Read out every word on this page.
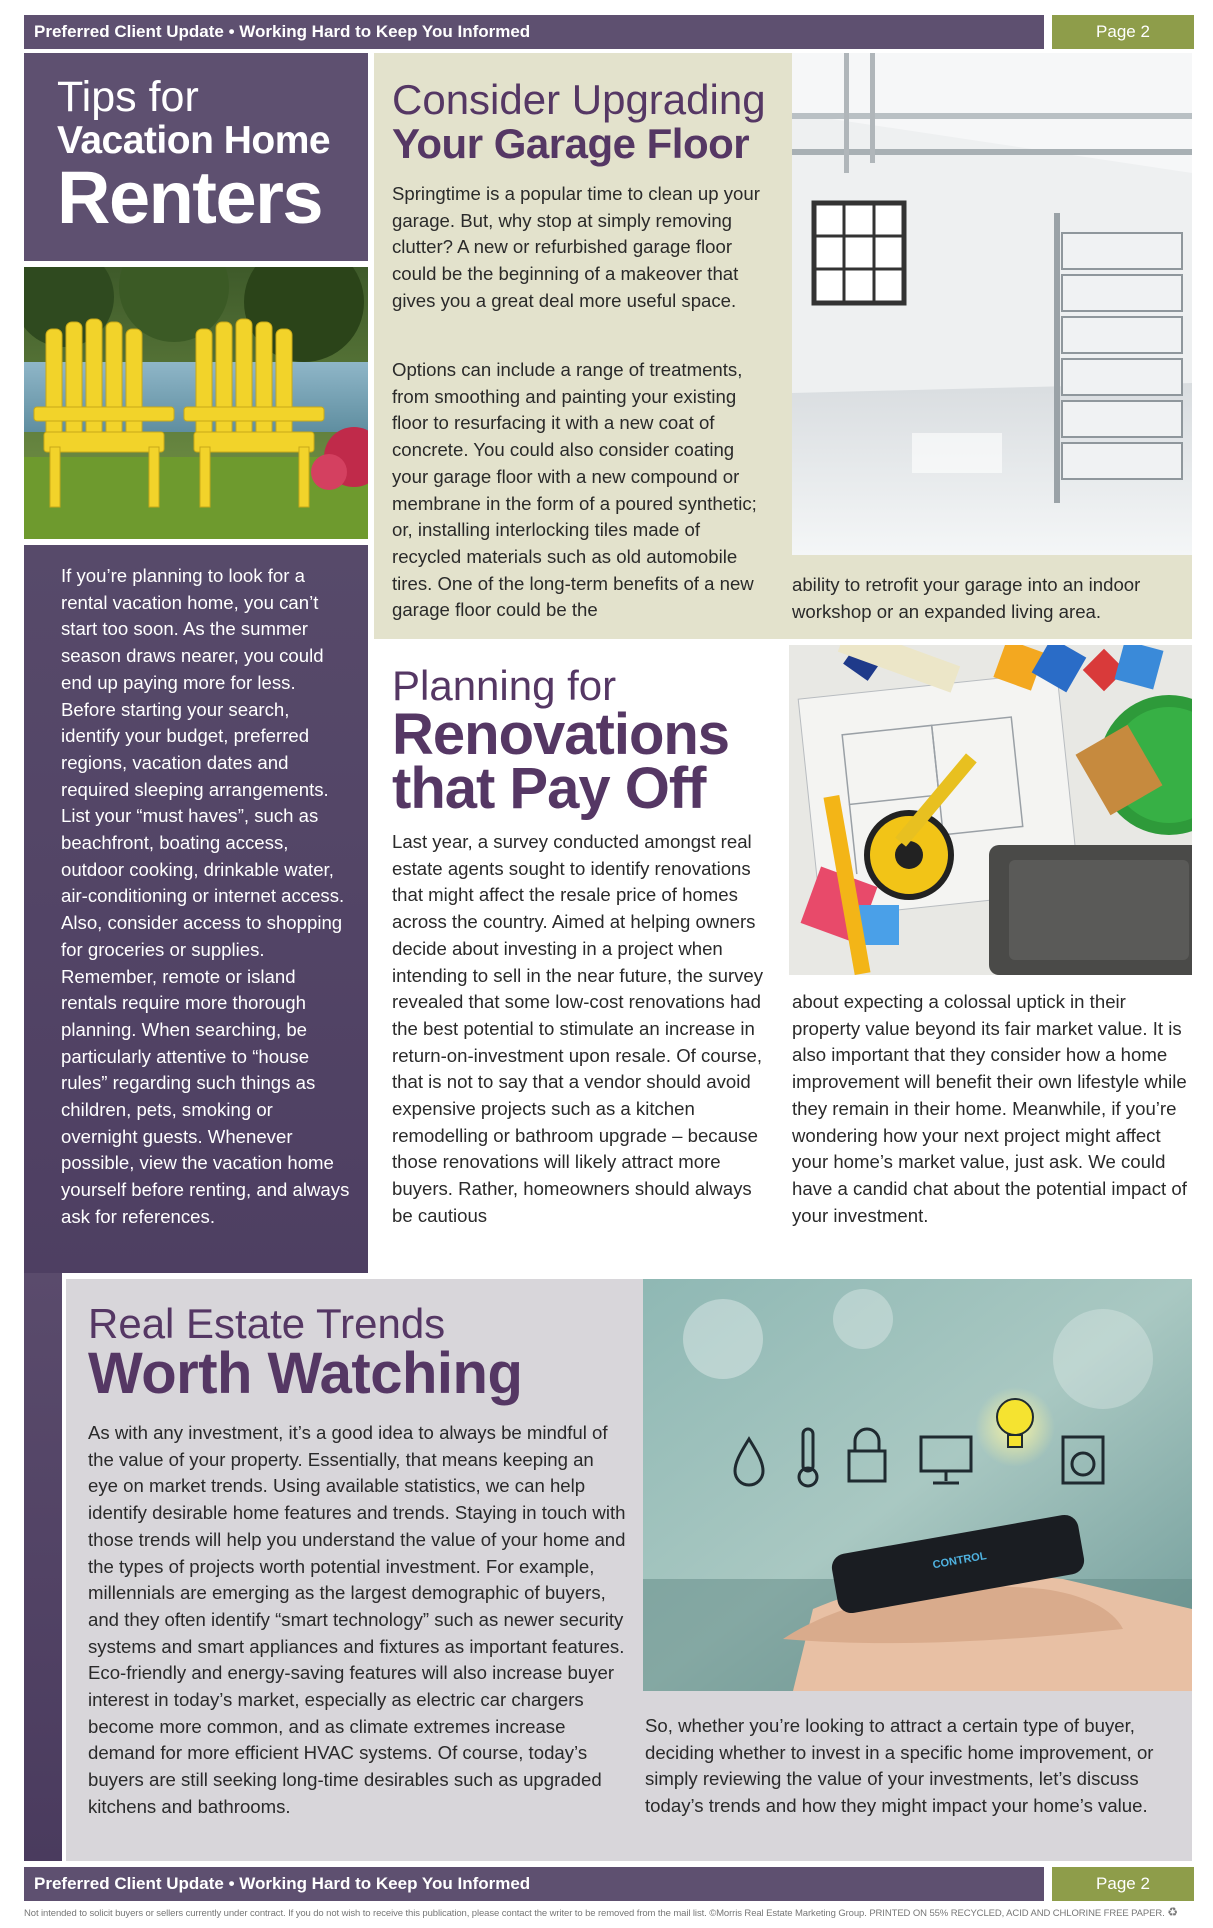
Preferred Client Update • Working Hard to Keep You Informed	Page 2
Tips for
Vacation Home
Renters

If you’re planning to look for a rental vacation home, you can’t start too soon. As the summer season draws nearer, you could end up paying more for less. Before starting your search, identify your budget, preferred regions, vacation dates and required sleeping arrangements. List your “must haves”, such as beachfront, boating access, outdoor cooking, drinkable water, air-conditioning or internet access. Also, consider access to shopping for groceries or supplies. Remember, remote or island rentals require more thorough planning. When searching, be particularly attentive to “house rules” regarding such things as children, pets, smoking or overnight guests. Whenever possible, view the vacation home yourself before renting, and always ask for references.

Consider Upgrading
Your Garage Floor

Springtime is a popular time to clean up your garage. But, why stop at simply removing clutter? A new or refurbished garage floor could be the beginning of a makeover that gives you a great deal more useful space.

Options can include a range of treatments, from smoothing and painting your existing floor to resurfacing it with a new coat of concrete. You could also consider coating your garage floor with a new compound or membrane in the form of a poured synthetic; or, installing interlocking tiles made of recycled materials such as old automobile tires. One of the long-term benefits of a new garage floor could be the

ability to retrofit your garage into an indoor workshop or an expanded living area.

Planning for
Renovations
that Pay Off

Last year, a survey conducted amongst real estate agents sought to identify renovations that might affect the resale price of homes across the country. Aimed at helping owners decide about investing in a project when intending to sell in the near future, the survey revealed that some low-cost renovations had the best potential to stimulate an increase in return-on-investment upon resale. Of course, that is not to say that a vendor should avoid expensive projects such as a kitchen remodelling or bathroom upgrade – because those renovations will likely attract more buyers. Rather, homeowners should always be cautious

about expecting a colossal uptick in their property value beyond its fair market value. It is also important that they consider how a home improvement will benefit their own lifestyle while they remain in their home. Meanwhile, if you’re wondering how your next project might affect your home’s market value, just ask. We could have a candid chat about the potential impact of your investment.

Real Estate Trends
Worth Watching

As with any investment, it’s a good idea to always be mindful of the value of your property. Essentially, that means keeping an eye on market trends. Using available statistics, we can help identify desirable home features and trends. Staying in touch with those trends will help you understand the value of your home and the types of projects worth potential investment. For example, millennials are emerging as the largest demographic of buyers, and they often identify “smart technology” such as newer security systems and smart appliances and fixtures as important features. Eco-friendly and energy-saving features will also increase buyer interest in today’s market, especially as electric car chargers become more common, and as climate extremes increase demand for more efficient HVAC systems. Of course, today’s buyers are still seeking long-time desirables such as upgraded kitchens and bathrooms.

CONTROL

So, whether you’re looking to attract a certain type of buyer, deciding whether to invest in a specific home improvement, or simply reviewing the value of your investments, let’s discuss today’s trends and how they might impact your home’s value.

Preferred Client Update • Working Hard to Keep You Informed	Page 2
Not intended to solicit buyers or sellers currently under contract. If you do not wish to receive this publication, please contact the writer to be removed from the mail list. ©Morris Real Estate Marketing Group. PRINTED ON 55% RECYCLED, ACID AND CHLORINE FREE PAPER. ♻
